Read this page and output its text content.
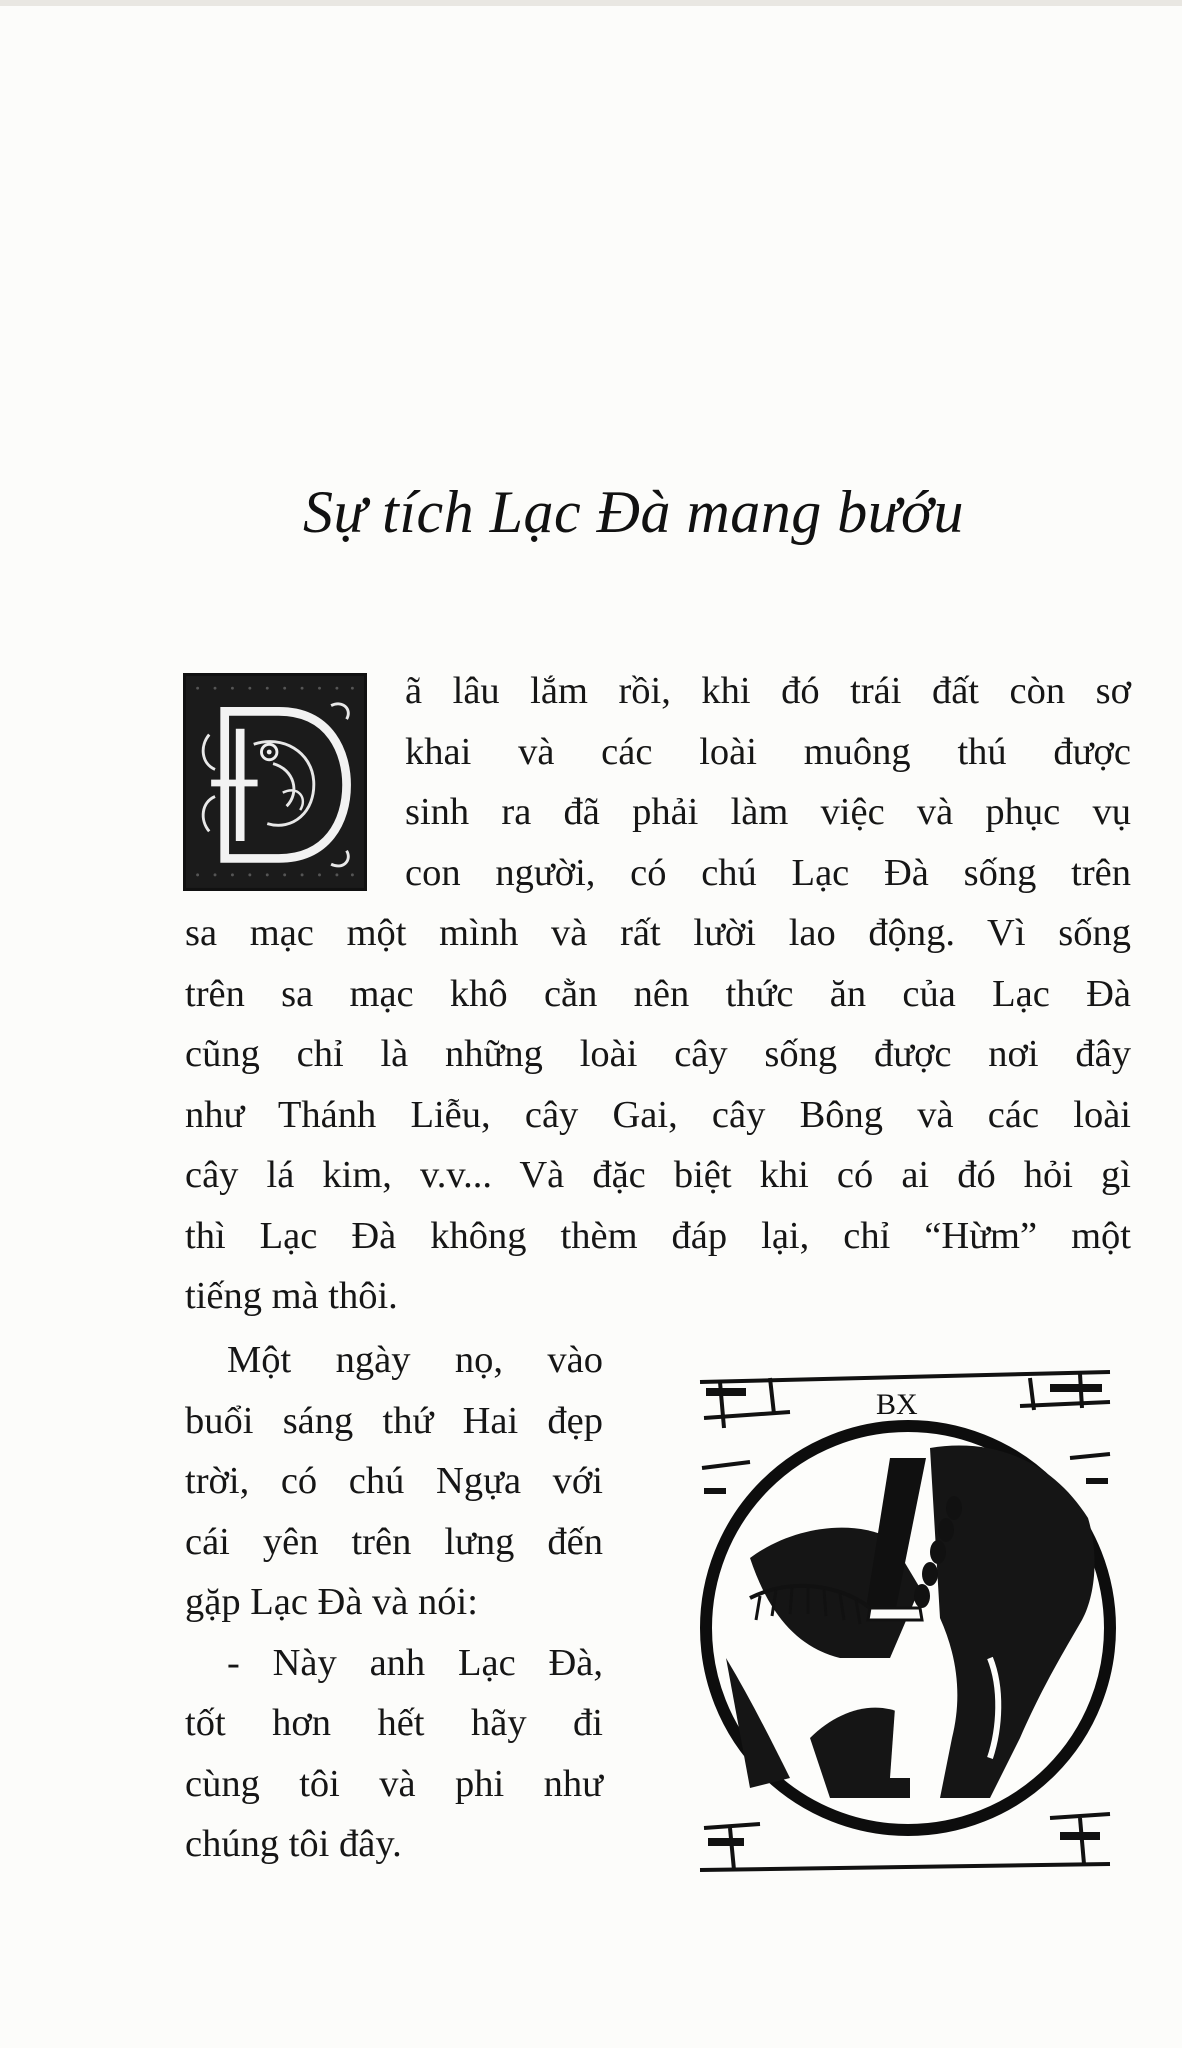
Sự tích Lạc Đà mang bướu
ã lâu lắm rồi, khi đó trái đất còn sơ
khai và các loài muông thú được
sinh ra đã phải làm việc và phục vụ
con người, có chú Lạc Đà sống trên
sa mạc một mình và rất lười lao động. Vì sống
trên sa mạc khô cằn nên thức ăn của Lạc Đà
cũng chỉ là những loài cây sống được nơi đây
như Thánh Liễu, cây Gai, cây Bông và các loài
cây lá kim, v.v... Và đặc biệt khi có ai đó hỏi gì
thì Lạc Đà không thèm đáp lại, chỉ “Hừm” một
tiếng mà thôi.
Một ngày nọ, vào
buổi sáng thứ Hai đẹp
trời, có chú Ngựa với
cái yên trên lưng đến
gặp Lạc Đà và nói:
- Này anh Lạc Đà,
tốt hơn hết hãy đi
cùng tôi và phi như
chúng tôi đây.
BX
